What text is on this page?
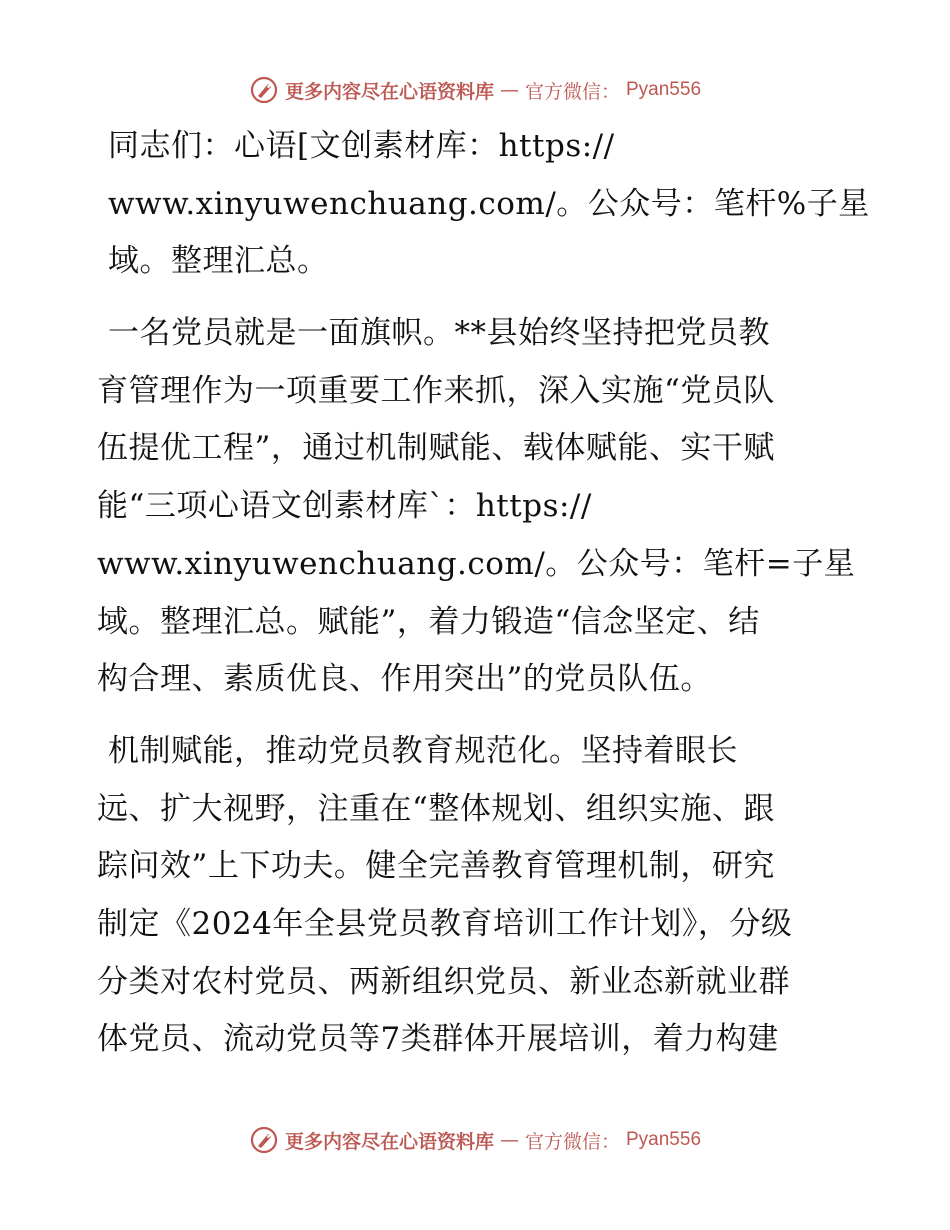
更多内容尽在心语资料库 — 官方微信： Pyan556
同志们：心语[文创素材库：https://
www.xinyuwenchuang.com/。公众号：笔杆%子星
域。整理汇总。
一名党员就是一面旗帜。**县始终坚持把党员教
育管理作为一项重要工作来抓，深入实施“党员队
伍提优工程”，通过机制赋能、载体赋能、实干赋
能“三项心语文创素材库`：https://
www.xinyuwenchuang.com/。公众号：笔杆=子星
域。整理汇总。赋能”，着力锻造“信念坚定、结
构合理、素质优良、作用突出”的党员队伍。
机制赋能，推动党员教育规范化。坚持着眼长
远、扩大视野，注重在“整体规划、组织实施、跟
踪问效”上下功夫。健全完善教育管理机制，研究
制定《2024年全县党员教育培训工作计划》，分级
分类对农村党员、两新组织党员、新业态新就业群
体党员、流动党员等7类群体开展培训，着力构建
更多内容尽在心语资料库 — 官方微信： Pyan556
